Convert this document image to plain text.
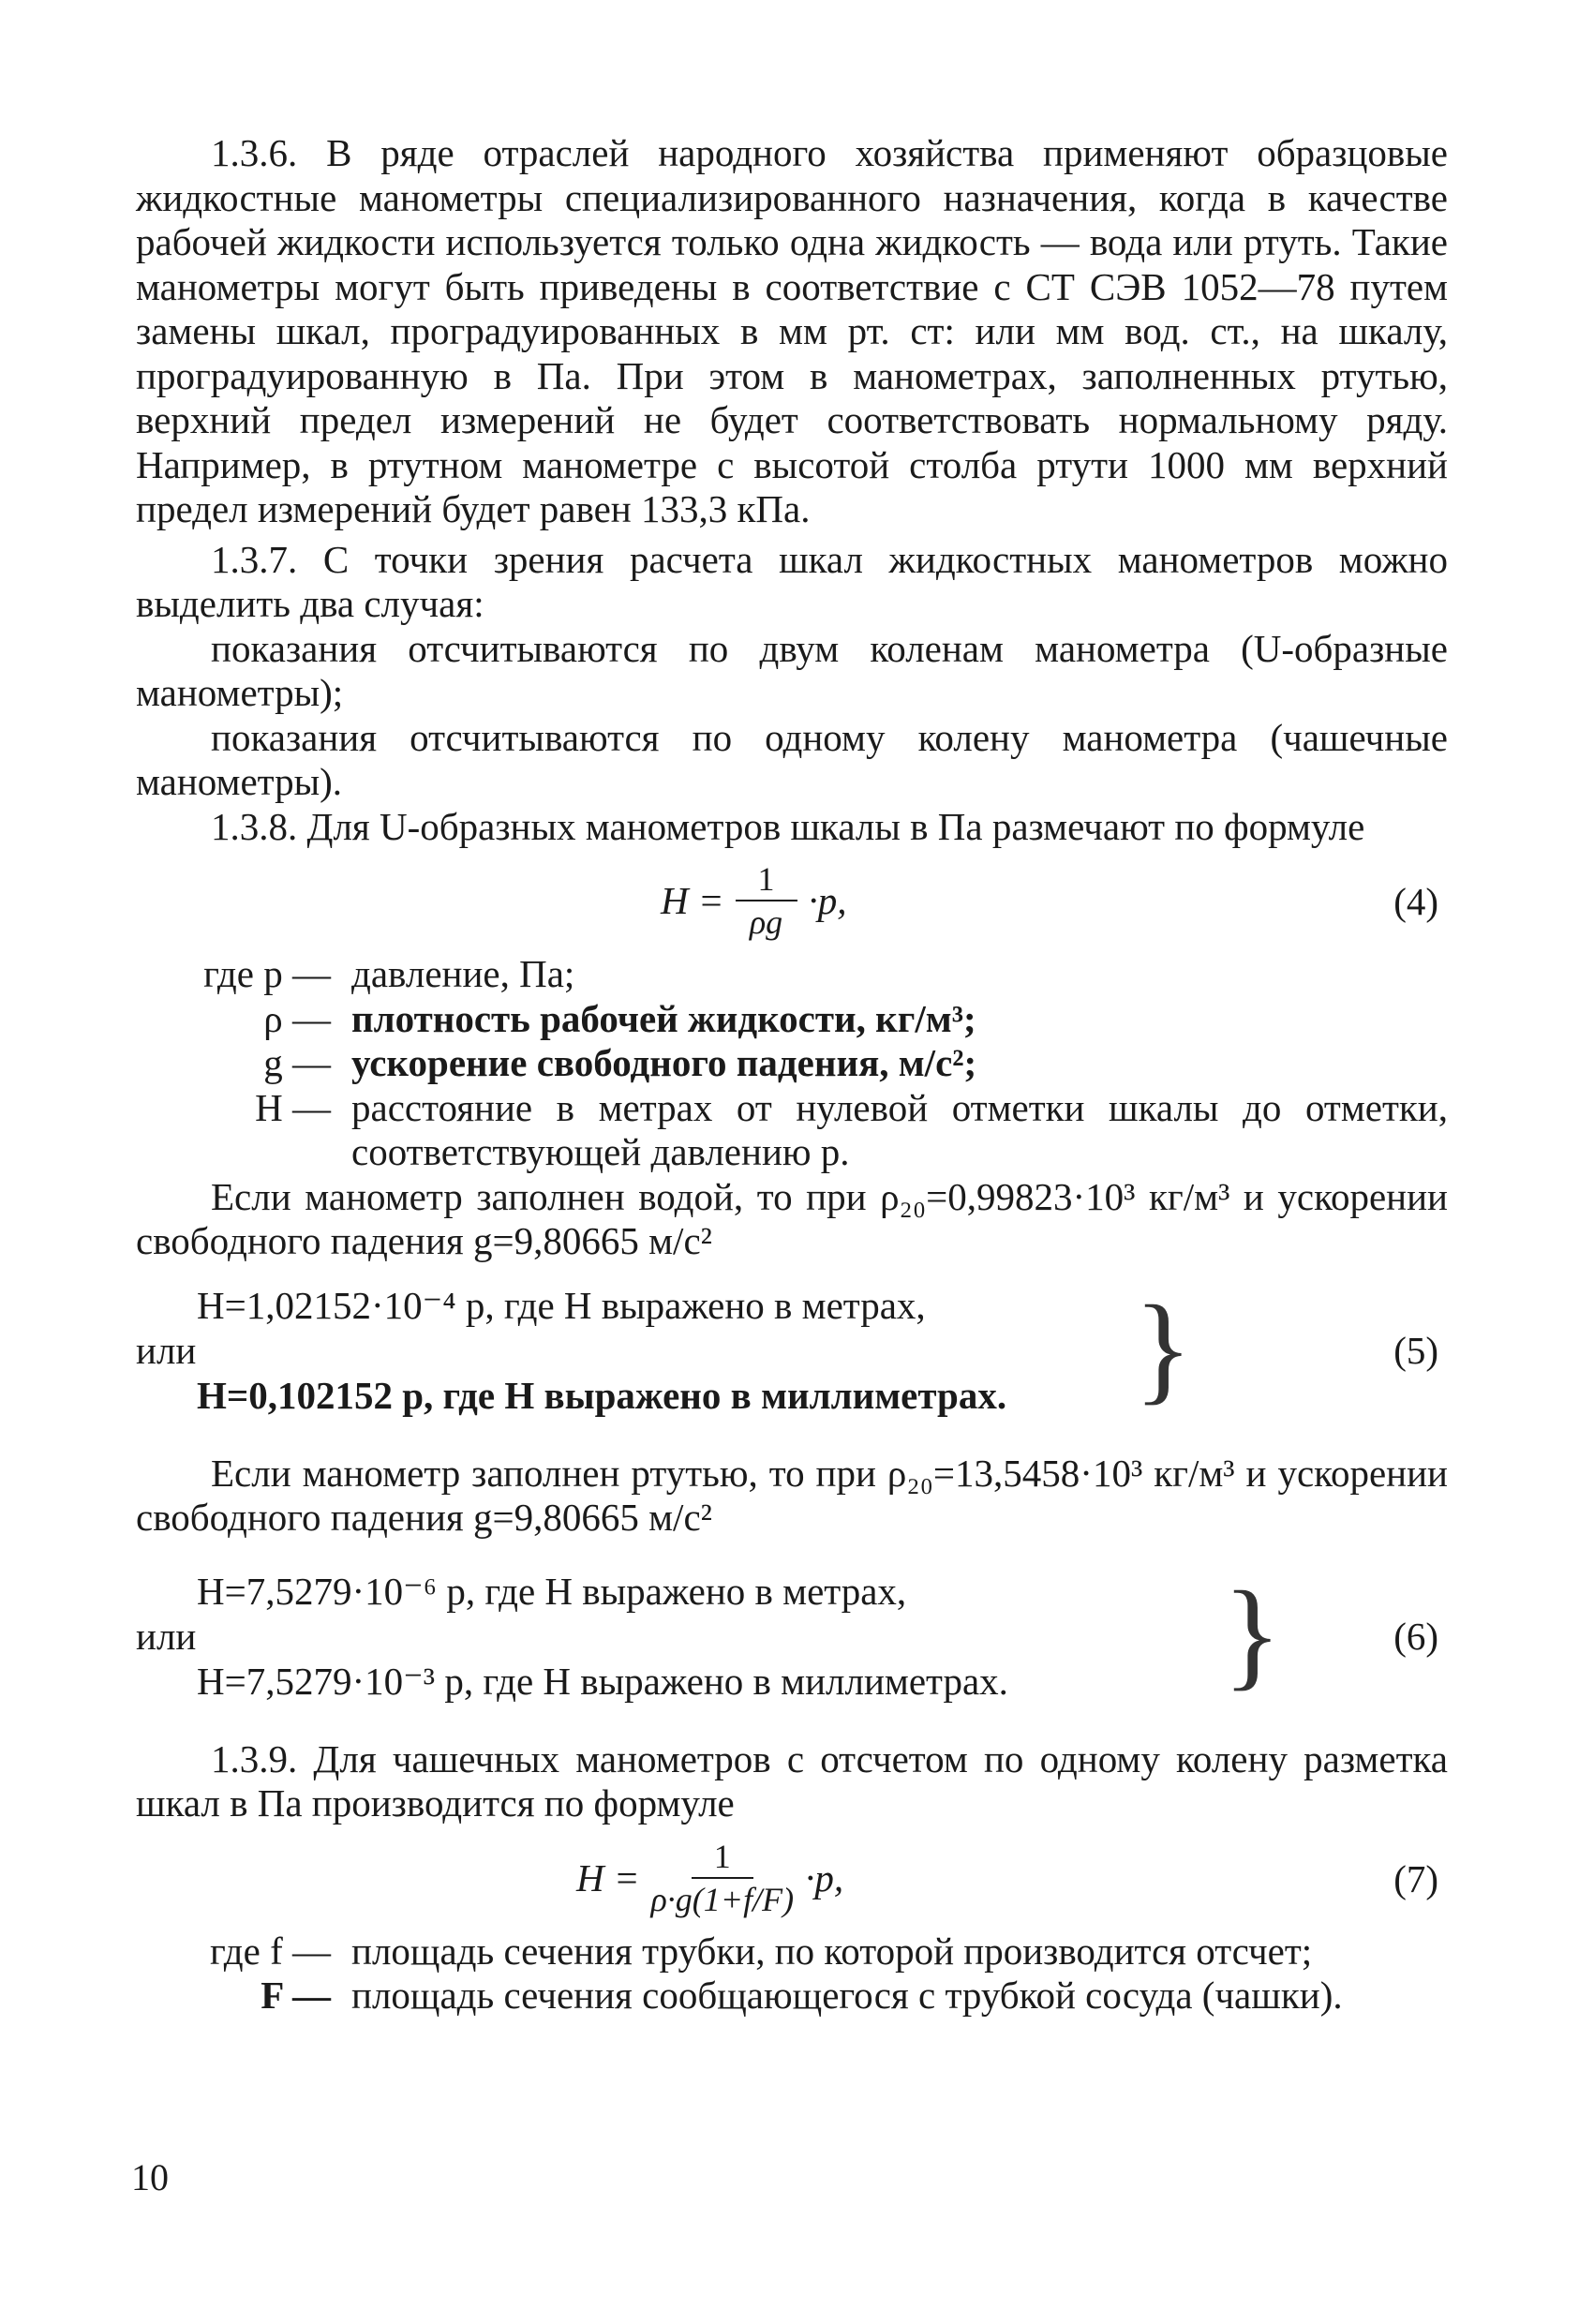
1.3.6. В ряде отраслей народного хозяйства применяют образцовые жидкостные манометры специализированного назначения, когда в качестве рабочей жидкости используется только одна жидкость — вода или ртуть. Такие манометры могут быть приведены в соответствие с СТ СЭВ 1052—78 путем замены шкал, проградуированных в мм рт. ст: или мм вод. ст., на шкалу, проградуированную в Па. При этом в манометрах, заполненных ртутью, верхний предел измерений не будет соответствовать нормальному ряду. Например, в ртутном манометре с высотой столба ртути 1000 мм верхний предел измерений будет равен 133,3 кПа.

1.3.7. С точки зрения расчета шкал жидкостных манометров можно выделить два случая:

показания отсчитываются по двум коленам манометра (U-образные манометры);

показания отсчитываются по одному колену манометра (чашечные манометры).

1.3.8. Для U-образных манометров шкалы в Па размечают по формуле

$H = \frac{1}{\rho g} \cdot p$,	(4)
где p — давление, Па;
ρ — плотность рабочей жидкости, кг/м³;
g — ускорение свободного падения, м/с²;
H — расстояние в метрах от нулевой отметки шкалы до отметки, соответствующей давлению p.

Если манометр заполнен водой, то при ρ₂₀=0,99823·10³ кг/м³ и ускорении свободного падения g=9,80665 м/с²

H=1,02152·10⁻⁴ p, где H выражено в метрах,
или
H=0,102152 p, где H выражено в миллиметрах. }	(5)

Если манометр заполнен ртутью, то при ρ₂₀=13,5458·10³ кг/м³ и ускорении свободного падения g=9,80665 м/с²

H=7,5279·10⁻⁶ p, где H выражено в метрах,
или
H=7,5279·10⁻³ p, где H выражено в миллиметрах. }	(6)

1.3.9. Для чашечных манометров с отсчетом по одному колену разметка шкал в Па производится по формуле

$H = \frac{1}{\rho\cdot g(1+f/F)} \cdot p$,	(7)
где f — площадь сечения трубки, по которой производится отсчет;
F — площадь сечения сообщающегося с трубкой сосуда (чашки).
10
